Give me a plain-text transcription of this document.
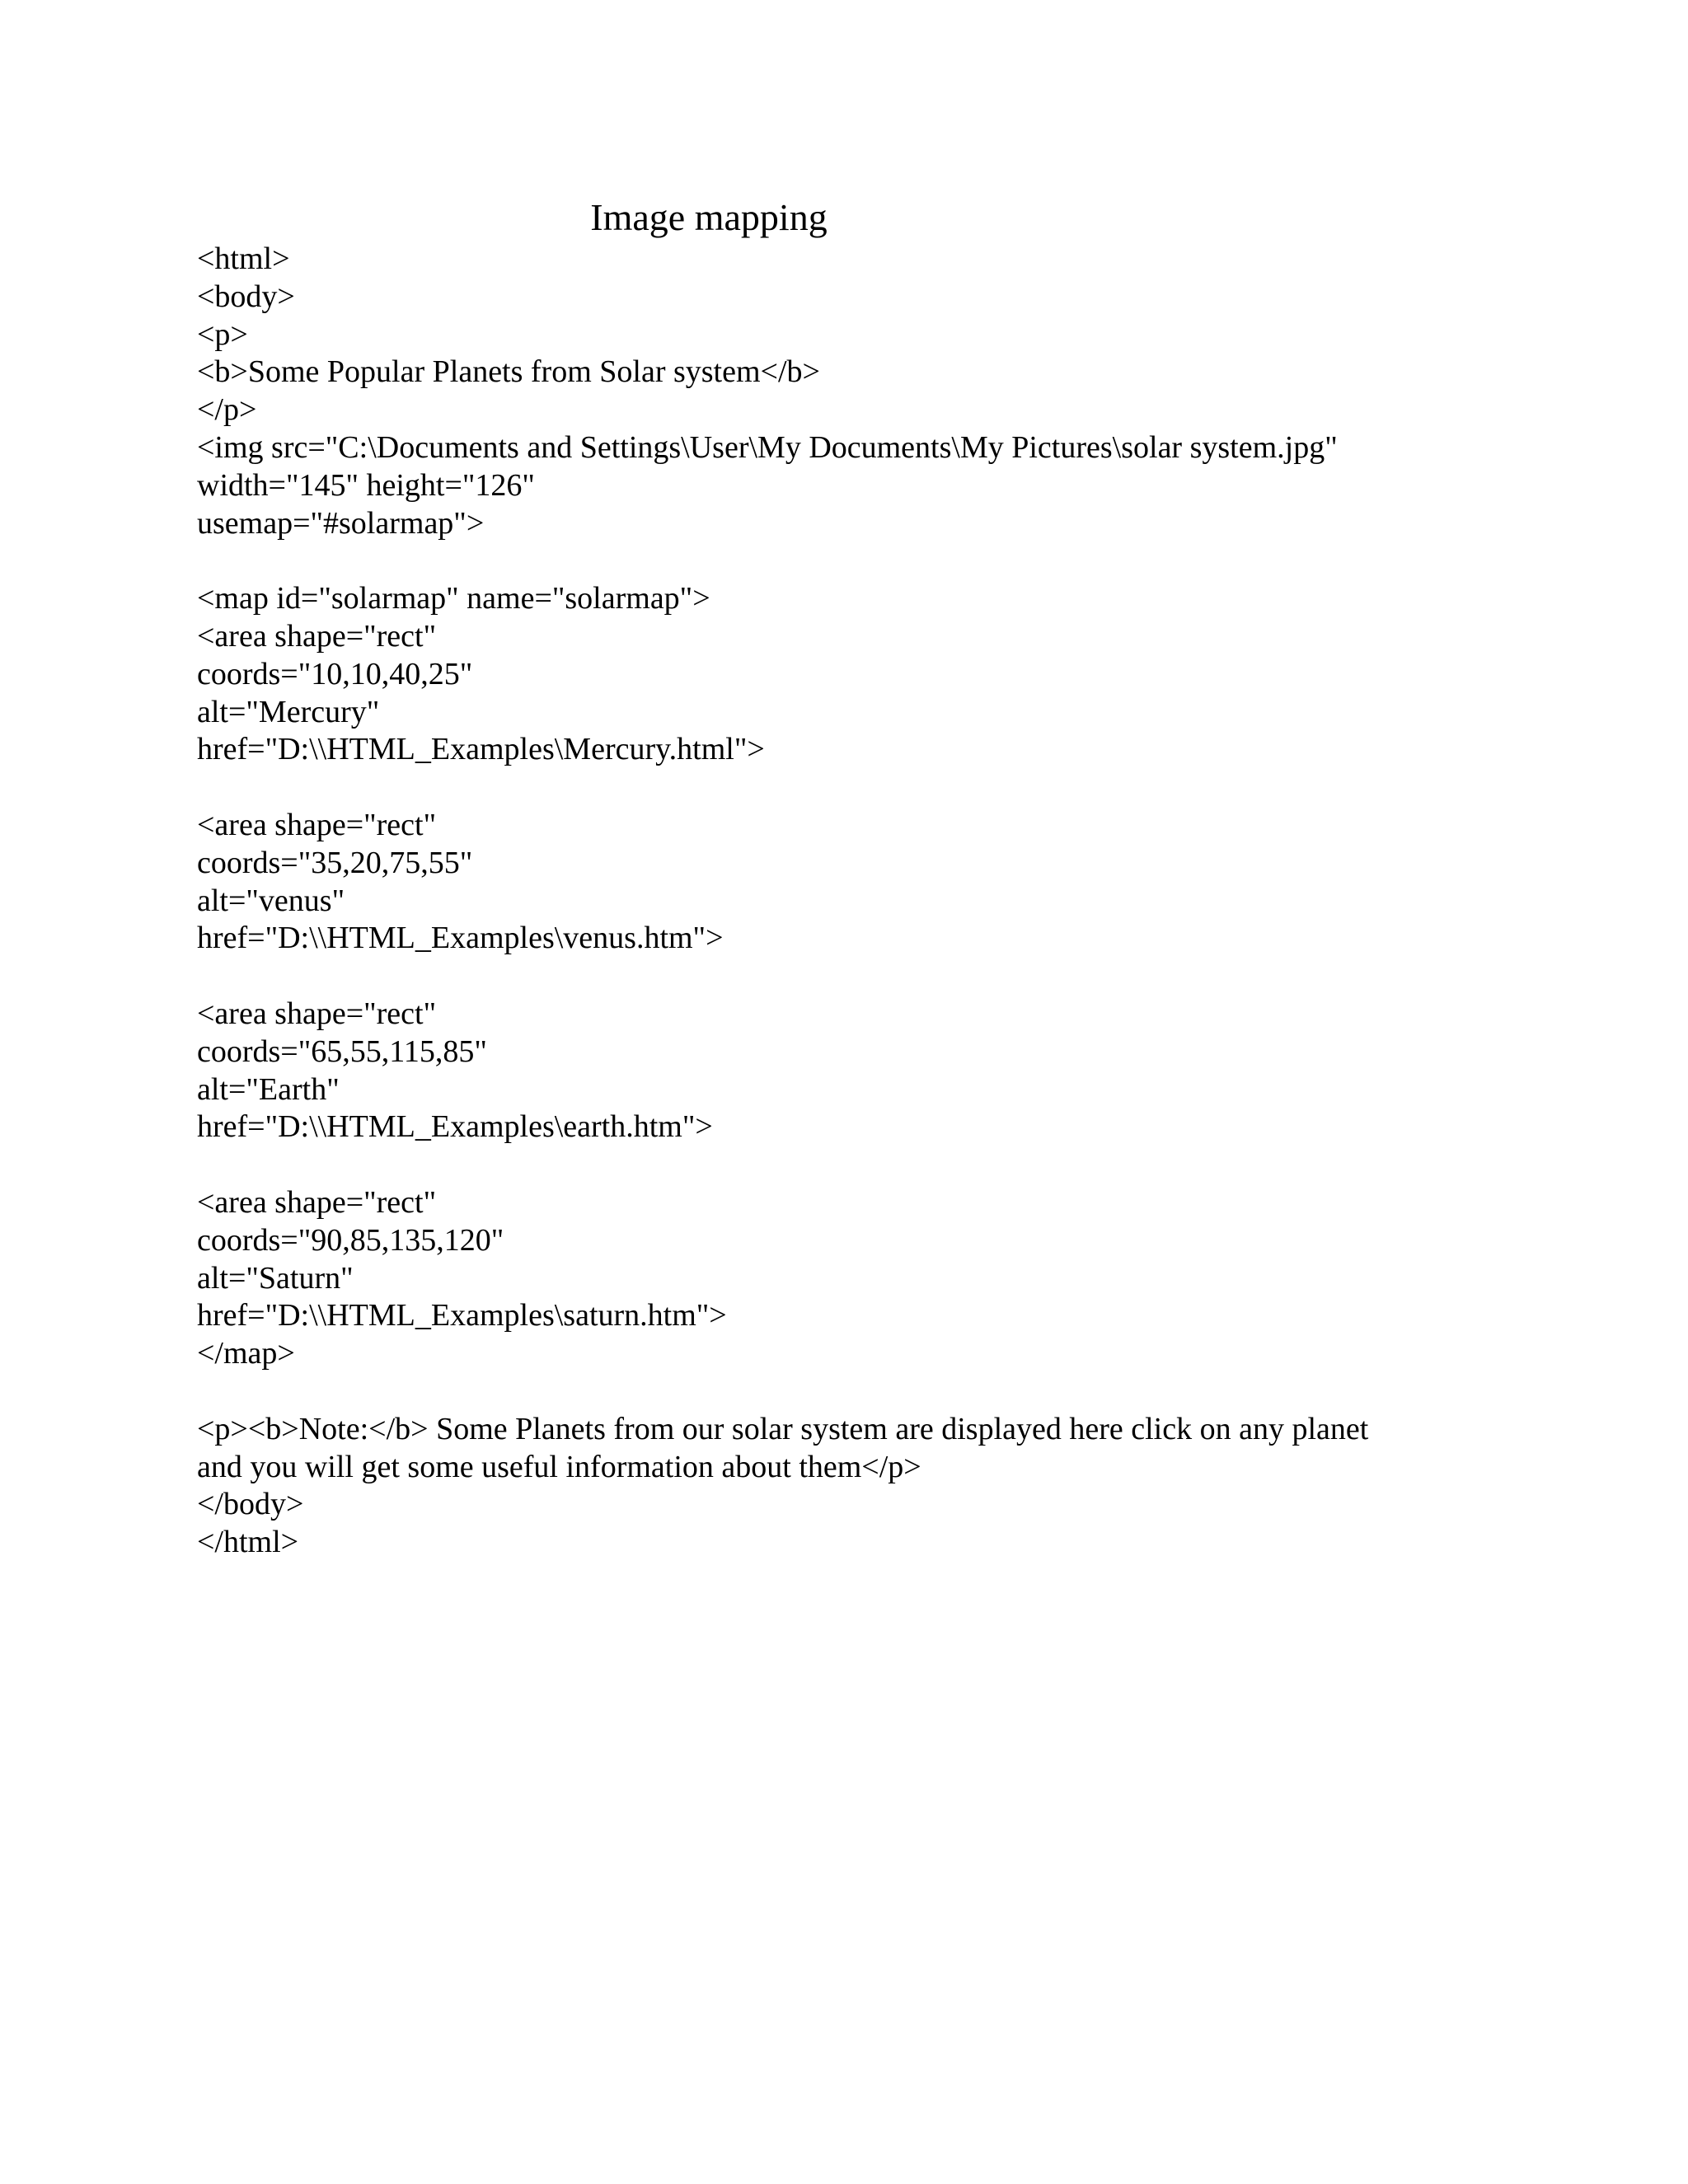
Image mapping
<html>
<body>
<p>
<b>Some Popular Planets from Solar system</b>
</p>
<img src="C:\Documents and Settings\User\My Documents\My Pictures\solar system.jpg"
width="145" height="126"
usemap="#solarmap">
<map id="solarmap" name="solarmap">
<area shape="rect"
coords="10,10,40,25"
alt="Mercury"
href="D:\\HTML_Examples\Mercury.html">
<area shape="rect"
coords="35,20,75,55"
alt="venus"
href="D:\\HTML_Examples\venus.htm">
<area shape="rect"
coords="65,55,115,85"
alt="Earth"
href="D:\\HTML_Examples\earth.htm">
<area shape="rect"
coords="90,85,135,120"
alt="Saturn"
href="D:\\HTML_Examples\saturn.htm">
</map>
<p><b>Note:</b> Some Planets from our solar system are displayed here click on any planet
and you will get some useful information about them</p>
</body>
</html>
